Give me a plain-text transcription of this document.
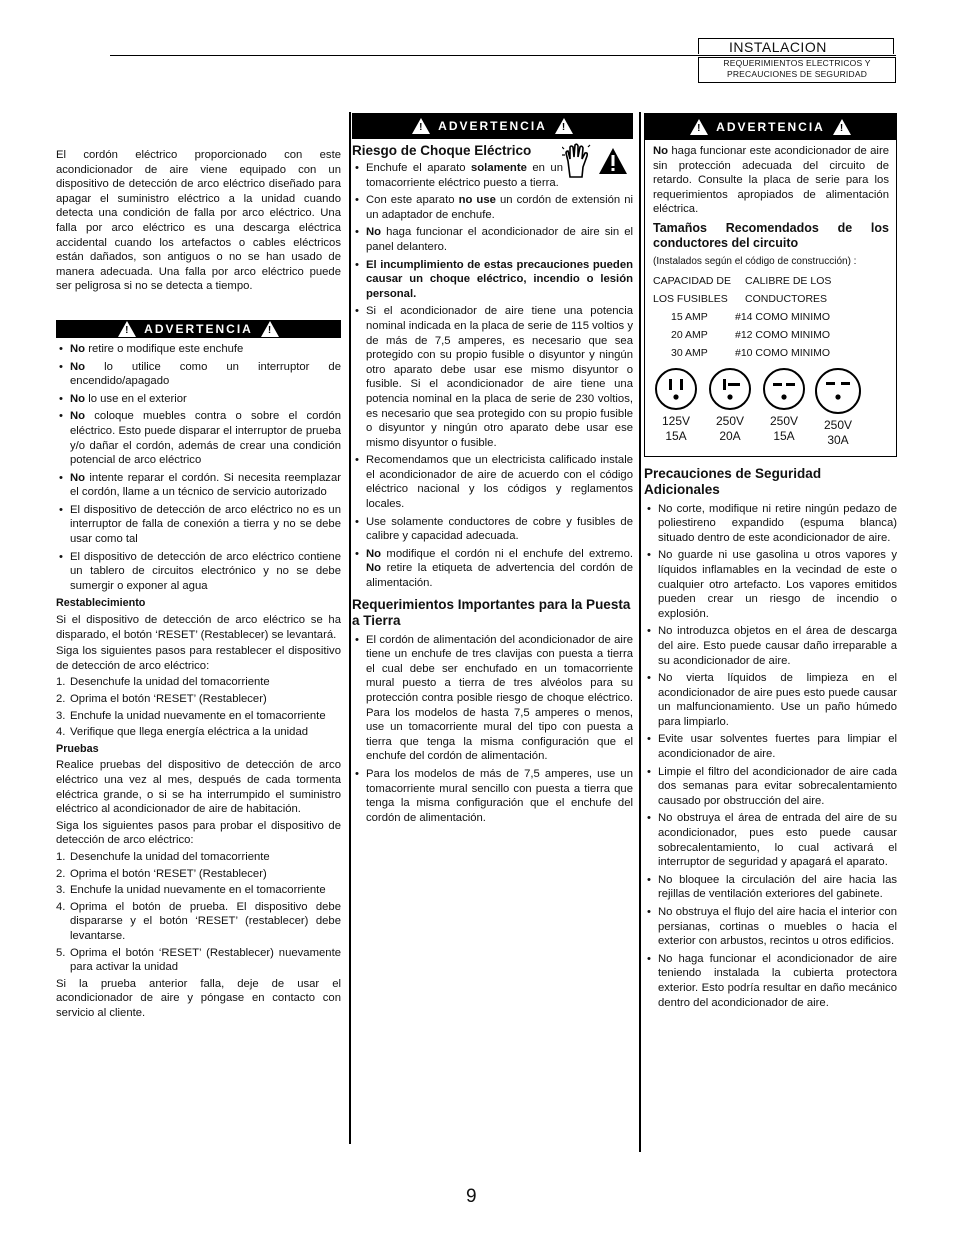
INSTALACION
REQUERIMIENTOS ELECTRICOS Y
PRECAUCIONES DE SEGURIDAD

El cordón eléctrico proporcionado con este acondicionador de aire viene equipado con un dispositivo de detección de arco eléctrico diseñado para apagar el suministro eléctrico a la unidad cuando detecta una condición de falla por arco eléctrico. Una falla por arco eléctrico es una descarga eléctrica accidental cuando los artefactos o cables eléctricos están dañados, son antiguos o no se han usado de manera adecuada. Una falla por arco eléctrico puede ser peligrosa si no se detecta a tiempo.

! ADVERTENCIA !
• No retire o modifique este enchufe
• No lo utilice como un interruptor de encendido/apagado
• No lo use en el exterior
• No coloque muebles contra o sobre el cordón eléctrico. Esto puede disparar el interruptor de prueba y/o dañar el cordón, además de crear una condición potencial de arco eléctrico
• No intente reparar el cordón. Si necesita reemplazar el cordón, llame a un técnico de servicio autorizado
• El dispositivo de detección de arco eléctrico no es un interruptor de falla de conexión a tierra y no se debe usar como tal
• El dispositivo de detección de arco eléctrico contiene un tablero de circuitos electrónico y no se debe sumergir o exponer al agua
Restablecimiento

Si el dispositivo de detección de arco eléctrico se ha disparado, el botón ‘RESET’ (Restablecer) se levantará.

Siga los siguientes pasos para restablecer el dispositivo de detección de arco eléctrico:

1. Desenchufe la unidad del tomacorriente
2. Oprima el botón ‘RESET’ (Restablecer)
3. Enchufe la unidad nuevamente en el tomacorriente
4. Verifique que llega energía eléctrica a la unidad
Pruebas

Realice pruebas del dispositivo de detección de arco eléctrico una vez al mes, después de cada tormenta eléctrica grande, o si se ha interrumpido el suministro eléctrico al acondicionador de aire de habitación.

Siga los siguientes pasos para probar el dispositivo de detección de arco eléctrico:

1. Desenchufe la unidad del tomacorriente
2. Oprima el botón ‘RESET’ (Restablecer)
3. Enchufe la unidad nuevamente en el tomacorriente
4. Oprima el botón de prueba. El dispositivo debe dispararse y el botón ‘RESET’ (restablecer) debe levantarse.
5. Oprima el botón ‘RESET’ (Restablecer) nuevamente para activar la unidad

Si la prueba anterior falla, deje de usar el acondicionador de aire y póngase en contacto con servicio al cliente.

! ADVERTENCIA !
Riesgo de Choque Eléctrico
• Enchufe el aparato solamente en un tomacorriente eléctrico puesto a tierra.
• Con este aparato no use un cordón de extensión ni un adaptador de enchufe.
• No haga funcionar el acondicionador de aire sin el panel delantero.
• El incumplimiento de estas precauciones pueden causar un choque eléctrico, incendio o lesión personal.
• Si el acondicionador de aire tiene una potencia nominal indicada en la placa de serie de 115 voltios y de más de 7,5 amperes, es necesario que sea protegido con su propio fusible o disyuntor y ningún otro aparato debe usar ese mismo disyuntor o fusible. Si el acondicionador de aire tiene una potencia nominal en la placa de serie de 230 voltios, es necesario que sea protegido con su propio fusible o disyuntor y ningún otro aparato debe usar ese mismo disyuntor o fusible.
• Recomendamos que un electricista calificado instale el acondicionador de aire de acuerdo con el código eléctrico nacional y los códigos y reglamentos locales.
• Use solamente conductores de cobre y fusibles de calibre y capacidad adecuada.
• No modifique el cordón ni el enchufe del extremo. No retire la etiqueta de advertencia del cordón de alimentación.
Requerimientos Importantes para la Puesta a Tierra
• El cordón de alimentación del acondicionador de aire tiene un enchufe de tres clavijas con puesta a tierra el cual debe ser enchufado en un tomacorriente mural puesto a tierra de tres alvéolos para su protección contra posible riesgo de choque eléctrico. Para los modelos de hasta 7,5 amperes o menos, use un tomacorriente mural del tipo con puesta a tierra que tenga la misma configuración que el enchufe del cordón de alimentación.
• Para los modelos de más de 7,5 amperes, use un tomacorriente mural sencillo con puesta a tierra que tenga la misma configuración que el enchufe del cordón de alimentación.
! ADVERTENCIA !

No haga funcionar este acondicionador de aire sin protección adecuada del circuito de retardo. Consulte la placa de serie para los requerimientos apropiados de alimentación eléctrica.

Tamaños Recomendados de los conductores del circuito
(Instalados según el código de construcción) :
CAPACIDAD DE	CALIBRE DE LOS
LOS FUSIBLES	CONDUCTORES
15 AMP	#14 COMO MINIMO
20 AMP	#12 COMO MINIMO
30 AMP	#10 COMO MINIMO
125V
15A
250V
20A
250V
15A
250V
30A
Precauciones de Seguridad Adicionales
• No corte, modifique ni retire ningún pedazo de poliestireno expandido (espuma blanca) situado dentro de este acondicionador de aire.
• No guarde ni use gasolina u otros vapores y líquidos inflamables en la vecindad de este o cualquier otro artefacto. Los vapores emitidos pueden crear un riesgo de incendio o explosión.
• No introduzca objetos en el área de descarga del aire. Esto puede causar daño irreparable a su acondicionador de aire.
• No vierta líquidos de limpieza en el acondicionador de aire pues esto puede causar un malfuncionamiento. Use un paño húmedo para limpiarlo.
• Evite usar solventes fuertes para limpiar el acondicionador de aire.
• Limpie el filtro del acondicionador de aire cada dos semanas para evitar sobrecalentamiento causado por obstrucción del aire.
• No obstruya el área de entrada del aire de su acondicionador, pues esto puede causar sobrecalentamiento, lo cual activará el interruptor de seguridad y apagará el aparato.
• No bloquee la circulación del aire hacia las rejillas de ventilación exteriores del gabinete.
• No obstruya el flujo del aire hacia el interior con persianas, cortinas o muebles o hacia el exterior con arbustos, recintos u otros edificios.
• No haga funcionar el acondicionador de aire teniendo instalada la cubierta protectora exterior. Esto podría resultar en daño mecánico dentro del acondicionador de aire.
9
